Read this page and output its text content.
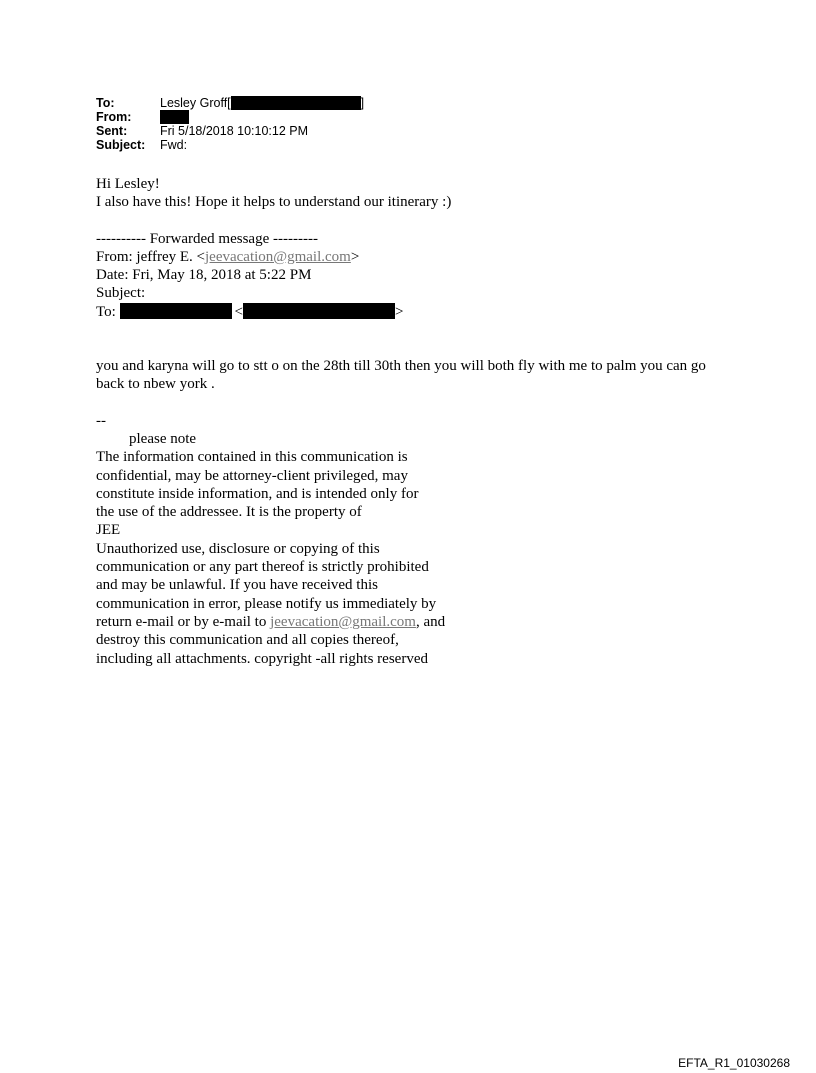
To:	Lesley Groff[	]
From:
Sent:	Fri 5/18/2018 10:10:12 PM
Subject:	Fwd:

Hi Lesley!

I also have this! Hope it helps to understand our itinerary :)

---------- Forwarded message ---------

From: jeffrey E. <jeevacation@gmail.com>

Date: Fri, May 18, 2018 at 5:22 PM

Subject:

To:	<	>

you and karyna will go to stt o on the 28th till 30th then you will both fly with me to palm you can go back to nbew york .

--

please note

The information contained in this communication is

confidential, may be attorney-client privileged, may

constitute inside information, and is intended only for

the use of the addressee. It is the property of

JEE

Unauthorized use, disclosure or copying of this

communication or any part thereof is strictly prohibited

and may be unlawful. If you have received this

communication in error, please notify us immediately by

return e-mail or by e-mail to jeevacation@gmail.com, and

destroy this communication and all copies thereof,

including all attachments. copyright -all rights reserved

EFTA_R1_01030268
